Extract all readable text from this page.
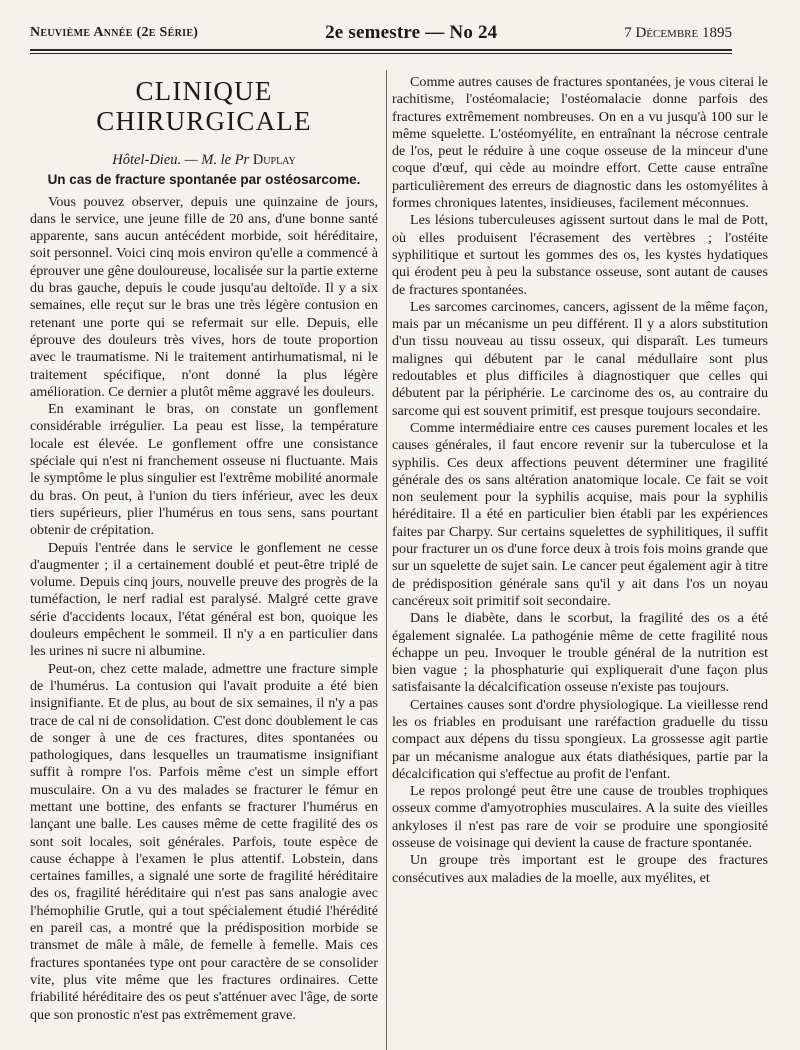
Neuvième Année (2e Série)	2e semestre — No 24	7 Décembre 1895
CLINIQUE CHIRURGICALE
Hôtel-Dieu. — M. le Pr Duplay
Un cas de fracture spontanée par ostéosarcome.

Vous pouvez observer, depuis une quinzaine de jours, dans le service, une jeune fille de 20 ans, d'une bonne santé apparente, sans aucun antécédent morbide, soit héréditaire, soit personnel. Voici cinq mois environ qu'elle a commencé à éprouver une gêne douloureuse, localisée sur la partie externe du bras gauche, depuis le coude jusqu'au deltoïde. Il y a six semaines, elle reçut sur le bras une très légère contusion en retenant une porte qui se refermait sur elle. Depuis, elle éprouve des douleurs très vives, hors de toute proportion avec le traumatisme. Ni le traitement antirhumatismal, ni le traitement spécifique, n'ont donné la plus légère amélioration. Ce dernier a plutôt même aggravé les douleurs.

En examinant le bras, on constate un gonflement considérable irrégulier. La peau est lisse, la température locale est élevée. Le gonflement offre une consistance spéciale qui n'est ni franchement osseuse ni fluctuante. Mais le symptôme le plus singulier est l'extrême mobilité anormale du bras. On peut, à l'union du tiers inférieur, avec les deux tiers supérieurs, plier l'humérus en tous sens, sans pourtant obtenir de crépitation.

Depuis l'entrée dans le service le gonflement ne cesse d'augmenter ; il a certainement doublé et peut-être triplé de volume. Depuis cinq jours, nouvelle preuve des progrès de la tuméfaction, le nerf radial est paralysé. Malgré cette grave série d'accidents locaux, l'état général est bon, quoique les douleurs empêchent le sommeil. Il n'y a en particulier dans les urines ni sucre ni albumine.

Peut-on, chez cette malade, admettre une fracture simple de l'humérus. La contusion qui l'avait produite a été bien insignifiante. Et de plus, au bout de six semaines, il n'y a pas trace de cal ni de consolidation. C'est donc doublement le cas de songer à une de ces fractures, dites spontanées ou pathologiques, dans lesquelles un traumatisme insignifiant suffit à rompre l'os. Parfois même c'est un simple effort musculaire. On a vu des malades se fracturer le fémur en mettant une bottine, des enfants se fracturer l'humérus en lançant une balle. Les causes même de cette fragilité des os sont soit locales, soit générales. Parfois, toute espèce de cause échappe à l'examen le plus attentif. Lobstein, dans certaines familles, a signalé une sorte de fragilité héréditaire des os, fragilité héréditaire qui n'est pas sans analogie avec l'hémophilie Grutle, qui a tout spécialement étudié l'hérédité en pareil cas, a montré que la prédisposition morbide se transmet de mâle à mâle, de femelle à femelle. Mais ces fractures spontanées type ont pour caractère de se consolider vite, plus vite même que les fractures ordinaires. Cette friabilité héréditaire des os peut s'atténuer avec l'âge, de sorte que son pronostic n'est pas extrêmement grave.

Comme autres causes de fractures spontanées, je vous citerai le rachitisme, l'ostéomalacie; l'ostéomalacie donne parfois des fractures extrêmement nombreuses. On en a vu jusqu'à 100 sur le même squelette. L'ostéomyélite, en entraînant la nécrose centrale de l'os, peut le réduire à une coque osseuse de la minceur d'une coque d'œuf, qui cède au moindre effort. Cette cause entraîne particulièrement des erreurs de diagnostic dans les ostomyélites à formes chroniques latentes, insidieuses, facilement méconnues.

Les lésions tuberculeuses agissent surtout dans le mal de Pott, où elles produisent l'écrasement des vertèbres ; l'ostéite syphilitique et surtout les gommes des os, les kystes hydatiques qui érodent peu à peu la substance osseuse, sont autant de causes de fractures spontanées.

Les sarcomes carcinomes, cancers, agissent de la même façon, mais par un mécanisme un peu différent. Il y a alors substitution d'un tissu nouveau au tissu osseux, qui disparaît. Les tumeurs malignes qui débutent par le canal médullaire sont plus redoutables et plus difficiles à diagnostiquer que celles qui débutent par la périphérie. Le carcinome des os, au contraire du sarcome qui est souvent primitif, est presque toujours secondaire.

Comme intermédiaire entre ces causes purement locales et les causes générales, il faut encore revenir sur la tuberculose et la syphilis. Ces deux affections peuvent déterminer une fragilité générale des os sans altération anatomique locale. Ce fait se voit non seulement pour la syphilis acquise, mais pour la syphilis héréditaire. Il a été en particulier bien établi par les expériences faites par Charpy. Sur certains squelettes de syphilitiques, il suffit pour fracturer un os d'une force deux à trois fois moins grande que sur un squelette de sujet sain. Le cancer peut également agir à titre de prédisposition générale sans qu'il y ait dans l'os un noyau cancéreux soit primitif soit secondaire.

Dans le diabète, dans le scorbut, la fragilité des os a été également signalée. La pathogénie même de cette fragilité nous échappe un peu. Invoquer le trouble général de la nutrition est bien vague ; la phosphaturie qui expliquerait d'une façon plus satisfaisante la décalcification osseuse n'existe pas toujours.

Certaines causes sont d'ordre physiologique. La vieillesse rend les os friables en produisant une raréfaction graduelle du tissu compact aux dépens du tissu spongieux. La grossesse agit partie par un mécanisme analogue aux états diathésiques, partie par la décalcification qui s'effectue au profit de l'enfant.

Le repos prolongé peut être une cause de troubles trophiques osseux comme d'amyotrophies musculaires. A la suite des vieilles ankyloses il n'est pas rare de voir se produire une spongiosité osseuse de voisinage qui devient la cause de fracture spontanée.

Un groupe très important est le groupe des fractures consécutives aux maladies de la moelle, aux myélites, et
